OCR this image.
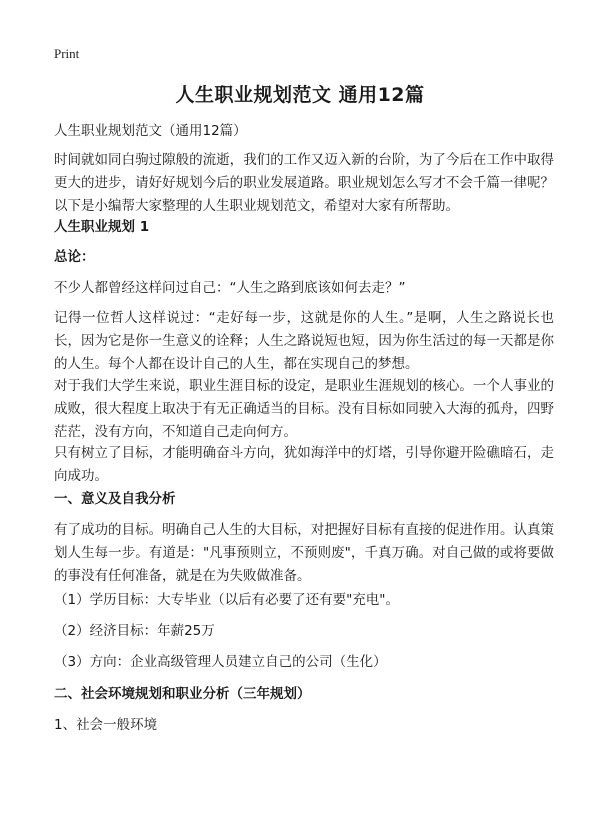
Print
人生职业规划范文 通用12篇

人生职业规划范文（通用12篇）

时间就如同白驹过隙般的流逝，我们的工作又迈入新的台阶，为了今后在工作中取得更大的进步，请好好规划今后的职业发展道路。职业规划怎么写才不会千篇一律呢？以下是小编帮大家整理的人生职业规划范文，希望对大家有所帮助。

人生职业规划 1

总论：

不少人都曾经这样问过自己：“人生之路到底该如何去走？”

记得一位哲人这样说过：“走好每一步，这就是你的人生。”是啊，人生之路说长也长，因为它是你一生意义的诠释；人生之路说短也短，因为你生活过的每一天都是你的人生。每个人都在设计自己的人生，都在实现自己的梦想。

对于我们大学生来说，职业生涯目标的设定，是职业生涯规划的核心。一个人事业的成败，很大程度上取决于有无正确适当的目标。没有目标如同驶入大海的孤舟，四野茫茫，没有方向，不知道自己走向何方。

只有树立了目标，才能明确奋斗方向，犹如海洋中的灯塔，引导你避开险礁暗石，走向成功。

一、意义及自我分析

有了成功的目标。明确自己人生的大目标，对把握好目标有直接的促进作用。认真策划人生每一步。有道是："凡事预则立，不预则废"，千真万确。对自己做的或将要做的事没有任何准备，就是在为失败做准备。

（1）学历目标：大专毕业（以后有必要了还有要"充电"。

（2）经济目标：年薪25万

（3）方向：企业高级管理人员建立自己的公司（生化）

二、社会环境规划和职业分析（三年规划）

1、社会一般环境
